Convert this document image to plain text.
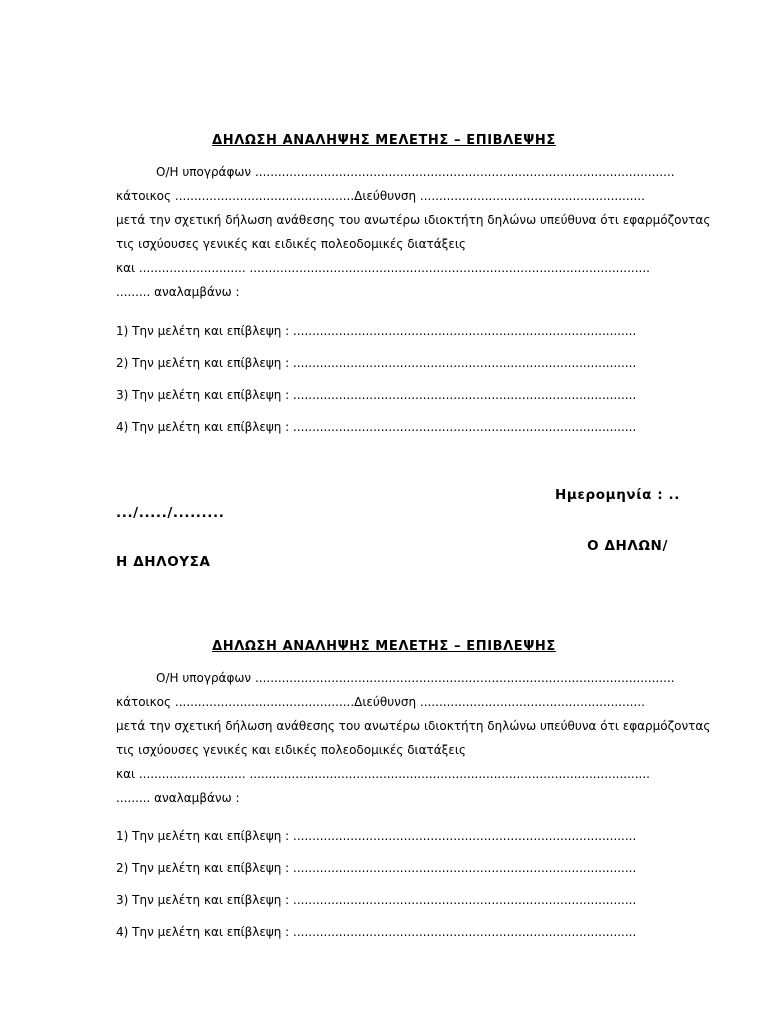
ΔΗΛΩΣΗ ΑΝΑΛΗΨΗΣ ΜΕΛΕΤΗΣ – ΕΠΙΒΛΕΨΗΣ
Ο/Η υπογράφων ..............................................................................................................
κάτοικος ...............................................Διεύθυνση ...........................................................
μετά την σχετική δήλωση ανάθεσης του ανωτέρω ιδιοκτήτη δηλώνω υπεύθυνα ότι εφαρμόζοντας
τις ισχύουσες γενικές και ειδικές πολεοδομικές διατάξεις
και ............................ .........................................................................................................
......... αναλαμβάνω :
1) Την μελέτη και επίβλεψη : ..........................................................................................
2) Την μελέτη και επίβλεψη : ..........................................................................................
3) Την μελέτη και επίβλεψη : ..........................................................................................
4) Την μελέτη και επίβλεψη : ..........................................................................................
Ημερομηνία : ..
.../...../.........
Ο ΔΗΛΩΝ/
Η ΔΗΛΟΥΣΑ
ΔΗΛΩΣΗ ΑΝΑΛΗΨΗΣ ΜΕΛΕΤΗΣ – ΕΠΙΒΛΕΨΗΣ
Ο/Η υπογράφων ..............................................................................................................
κάτοικος ...............................................Διεύθυνση ...........................................................
μετά την σχετική δήλωση ανάθεσης του ανωτέρω ιδιοκτήτη δηλώνω υπεύθυνα ότι εφαρμόζοντας
τις ισχύουσες γενικές και ειδικές πολεοδομικές διατάξεις
και ............................ .........................................................................................................
......... αναλαμβάνω :
1) Την μελέτη και επίβλεψη : ..........................................................................................
2) Την μελέτη και επίβλεψη : ..........................................................................................
3) Την μελέτη και επίβλεψη : ..........................................................................................
4) Την μελέτη και επίβλεψη : ..........................................................................................
